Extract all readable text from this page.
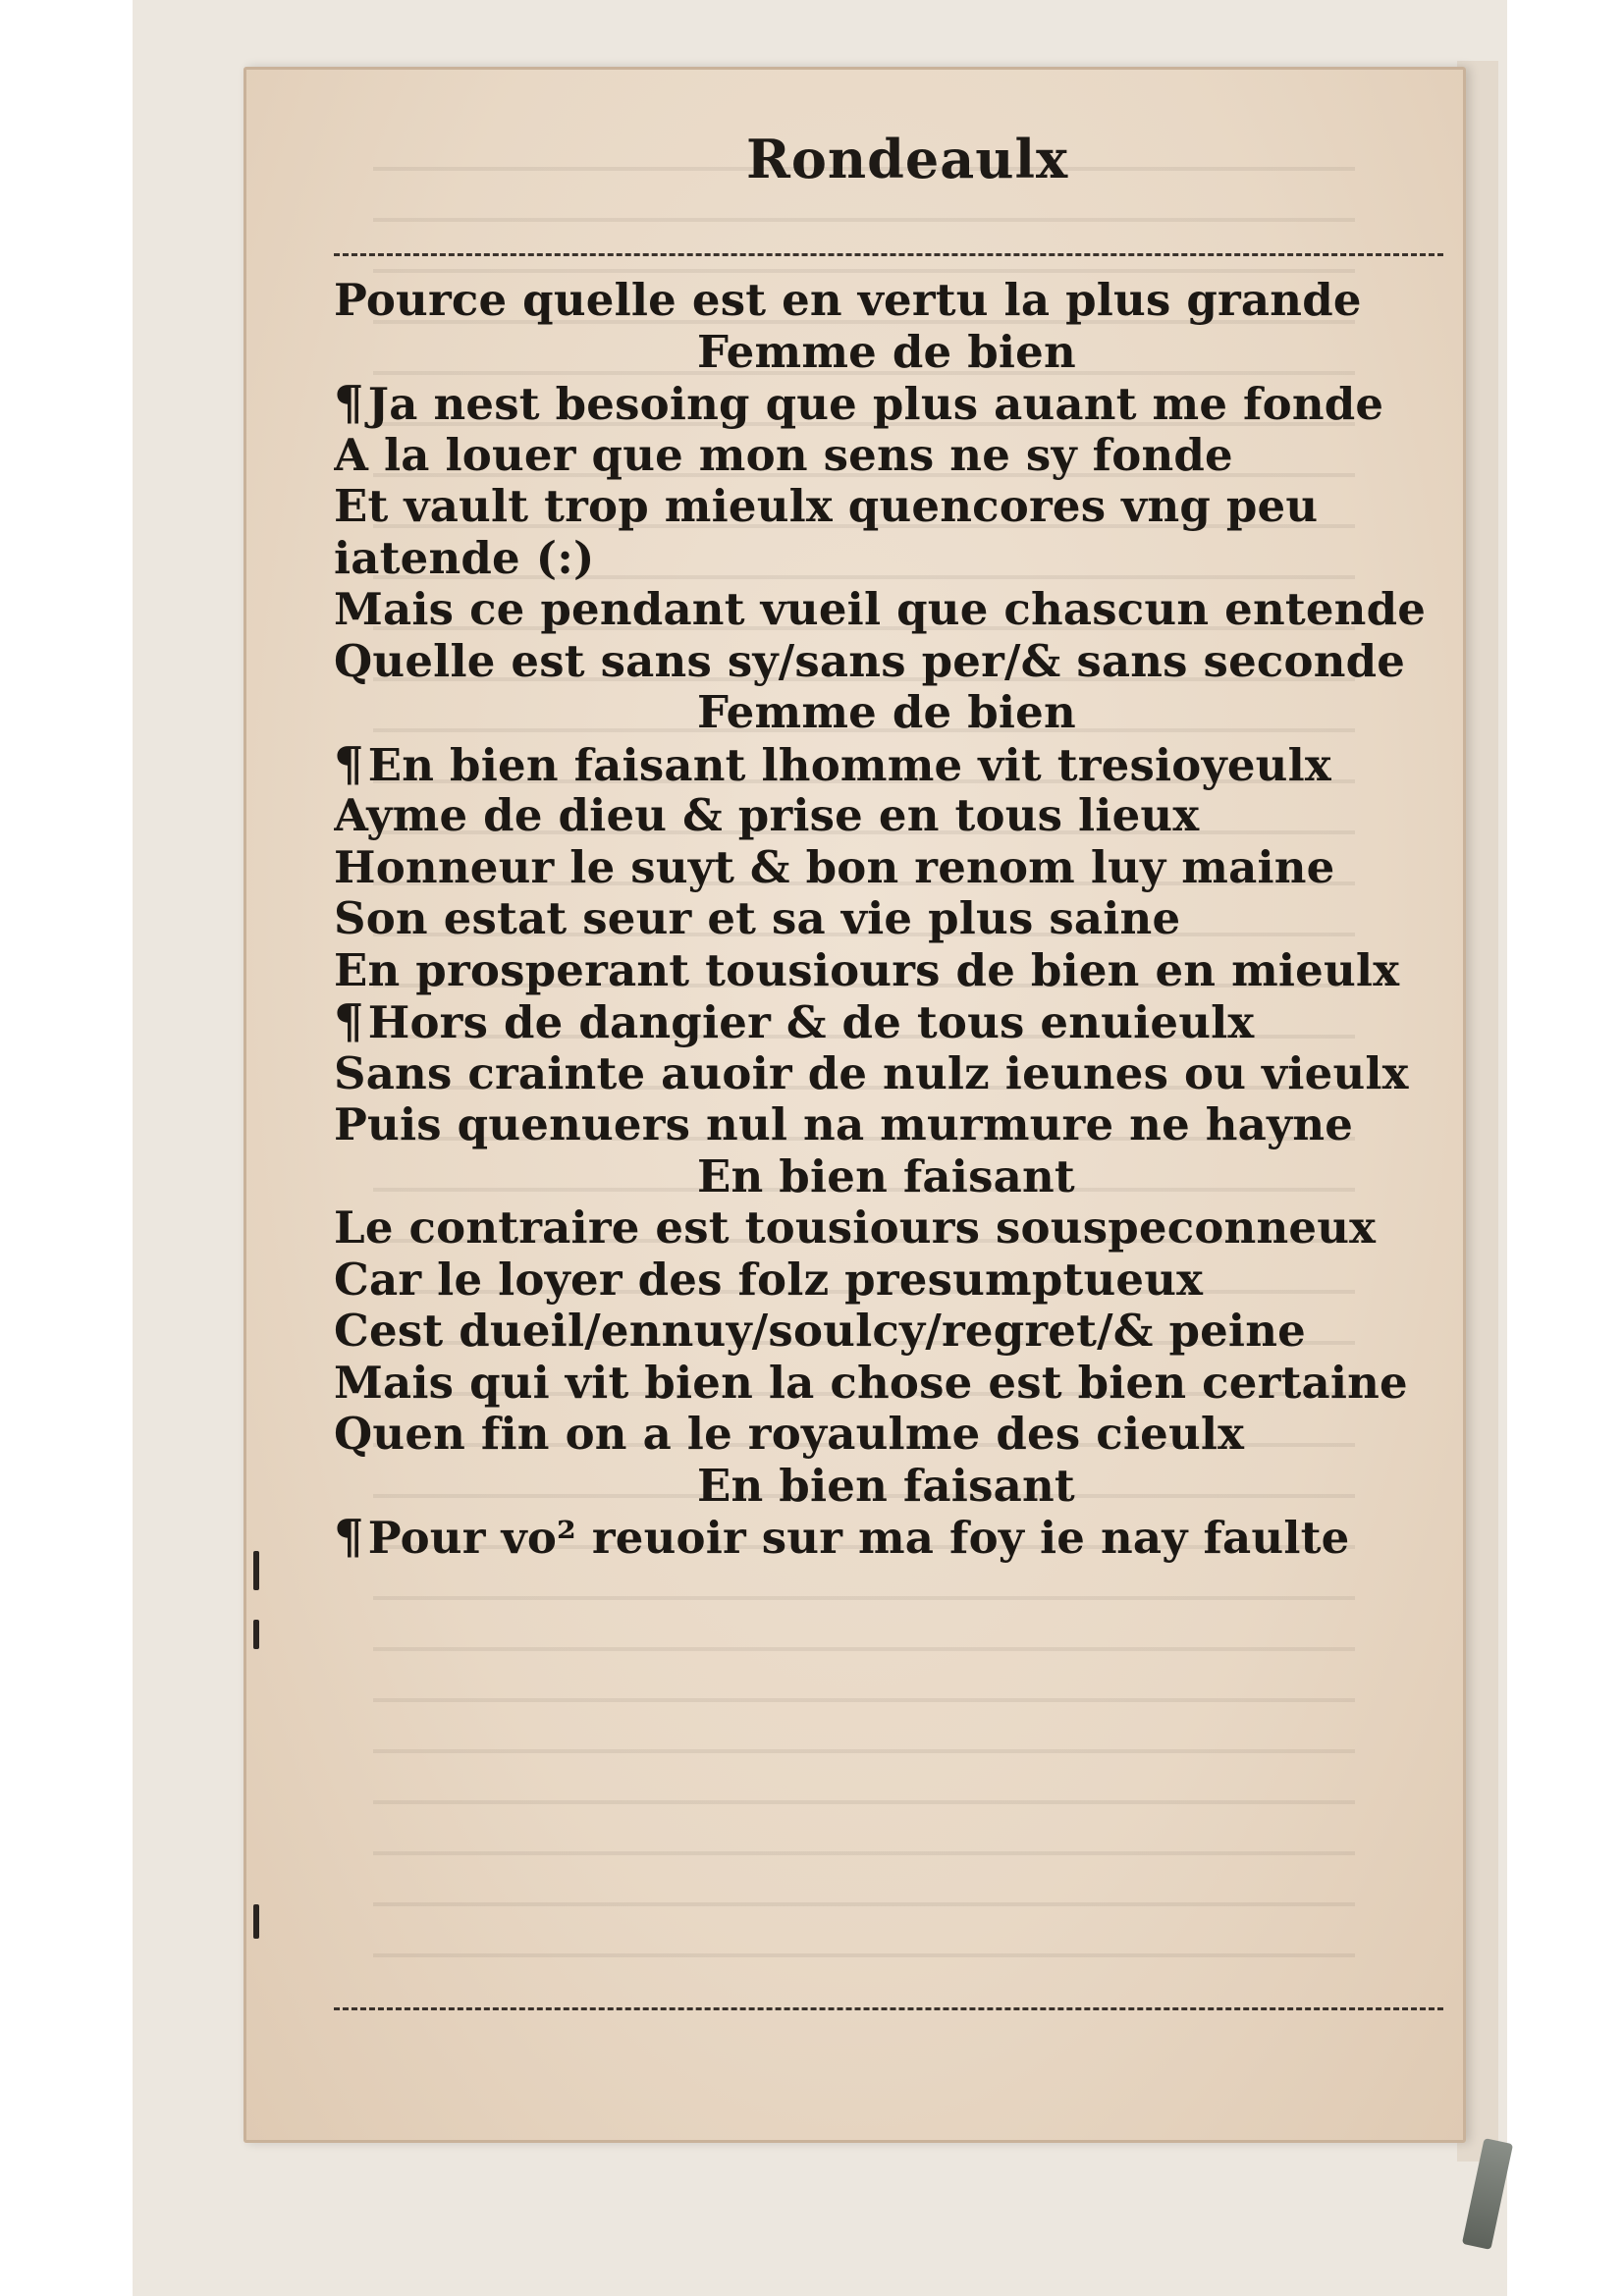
Rondeaulx
Pource quelle est en vertu la plus grande
Femme de bien
¶Ja nest besoing que plus auant me fonde
A la louer que mon sens ne sy fonde
Et vault trop mieulx quencores vng peu
iatende (:)
Mais ce pendant vueil que chascun entende
Quelle est sans sy/sans per/& sans seconde
Femme de bien
¶En bien faisant lhomme vit tresioyeulx
Ayme de dieu & prise en tous lieux
Honneur le suyt & bon renom luy maine
Son estat seur et sa vie plus saine
En prosperant tousiours de bien en mieulx
¶Hors de dangier & de tous enuieulx
Sans crainte auoir de nulz ieunes ou vieulx
Puis quenuers nul na murmure ne hayne
En bien faisant
Le contraire est tousiours souspeconneux
Car le loyer des folz presumptueux
Cest dueil/ennuy/soulcy/regret/& peine
Mais qui vit bien la chose est bien certaine
Quen fin on a le royaulme des cieulx
En bien faisant
¶Pour vo² reuoir sur ma foy ie nay faulte
